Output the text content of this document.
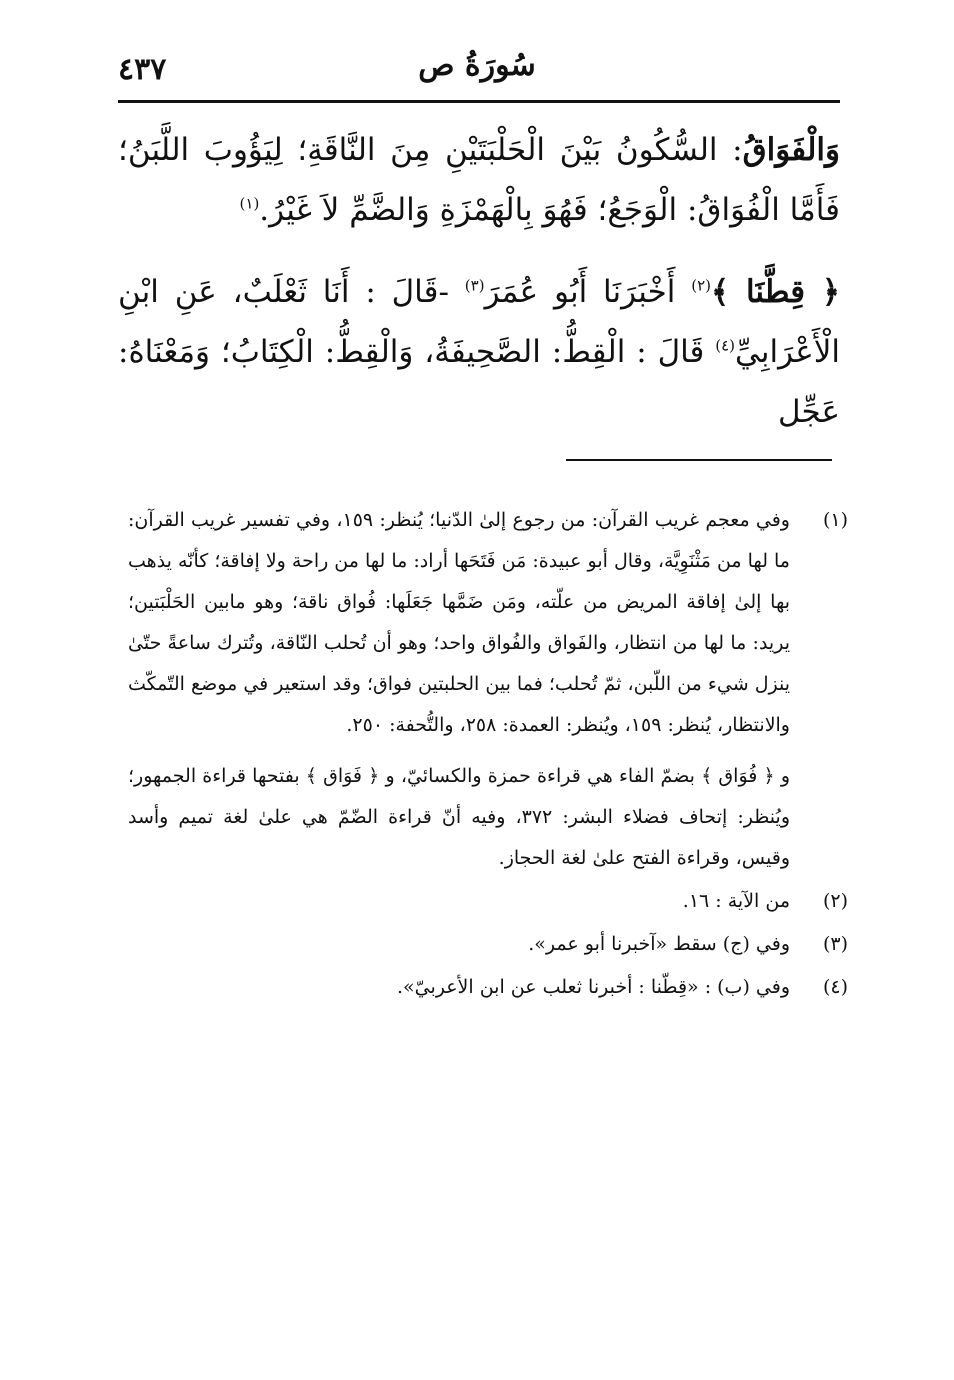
٤٣٧	سُورَةُ ص

وَالْفَوَاقُ: السُّكُونُ بَيْنَ الْحَلْبَتَيْنِ مِنَ النَّاقَةِ؛ لِيَؤُوبَ اللَّبَنُ؛ فَأَمَّا الْفُوَاقُ: الْوَجَعُ؛ فَهُوَ بِالْهَمْزَةِ وَالضَّمِّ لاَ غَيْرُ.$^{(١)}$

﴿ قِطَّنَا ﴾$^{(٢)}$ أَخْبَرَنَا أَبُو عُمَرَ$^{(٣)}$ -قَالَ : أَنَا ثَعْلَبٌ، عَنِ ابْنِ الْأَعْرَابِيِّ$^{(٤)}$ قَالَ : الْقِطُّ: الصَّحِيفَةُ، وَالْقِطُّ: الْكِتَابُ؛ وَمَعْنَاهُ: عَجِّل

(١)

وفي معجم غريب القرآن: من رجوع إلىٰ الدّنيا؛ يُنظر: ١٥٩، وفي تفسير غريب القرآن: ما لها من مَثْنَوِيَّة، وقال أبو عبيدة: مَن فَتَحَها أراد: ما لها من راحة ولا إفاقة؛ كأنّه يذهب بها إلىٰ إفاقة المريض من علّته، ومَن ضَمَّها جَعَلَها: فُواق ناقة؛ وهو مابين الحَلْبَتين؛ يريد: ما لها من انتظار، والفَواق والفُواق واحد؛ وهو أن تُحلب النّاقة، وتُترك ساعةً حتّىٰ ينزل شيء من اللّبن، ثمّ تُحلب؛ فما بين الحلبتين فواق؛ وقد استعير في موضع التّمكّث والانتظار، يُنظر: ١٥٩، ويُنظر: العمدة: ٢٥٨، والتُّحفة: ٢٥٠.

و ﴿ فُوَاق ﴾ بضمّ الفاء هي قراءة حمزة والكسائيّ، و ﴿ فَوَاق ﴾ بفتحها قراءة الجمهور؛ ويُنظر: إتحاف فضلاء البشر: ٣٧٢، وفيه أنّ قراءة الضّمّ هي علىٰ لغة تميم وأسد وقيس، وقراءة الفتح علىٰ لغة الحجاز.

(٢)

من الآية : ١٦.

(٣)

وفي (ج) سقط «آخبرنا أبو عمر».

(٤)

وفي (ب) : «قِطّنا : أخبرنا ثعلب عن ابن الأعربيّ».
